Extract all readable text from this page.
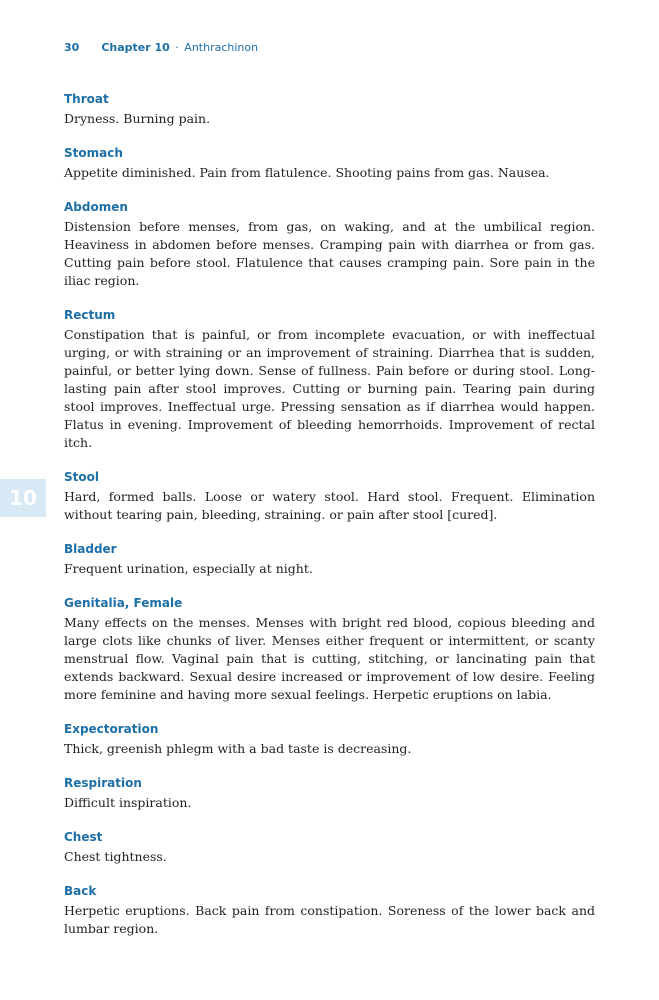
30 Chapter 10 · Anthrachinon
10
Throat

Dryness. Burning pain.

Stomach

Appetite diminished. Pain from flatulence. Shooting pains from gas. Nausea.

Abdomen

Distension before menses, from gas, on waking, and at the umbilical region. Heaviness in abdomen before menses. Cramping pain with diarrhea or from gas. Cutting pain before stool. Flatulence that causes cramping pain. Sore pain in the iliac region.

Rectum

Constipation that is painful, or from incomplete evacuation, or with ineffectual urging, or with straining or an improvement of straining. Diarrhea that is sudden, painful, or better lying down. Sense of fullness. Pain before or during stool. Long-lasting pain after stool improves. Cutting or burning pain. Tearing pain during stool improves. Ineffectual urge. Pressing sensation as if diarrhea would happen. Flatus in evening. Improvement of bleeding hemorrhoids. Improvement of rectal itch.

Stool

Hard, formed balls. Loose or watery stool. Hard stool. Frequent. Elimination without tearing pain, bleeding, straining. or pain after stool [cured].

Bladder

Frequent urination, especially at night.

Genitalia, Female

Many effects on the menses. Menses with bright red blood, copious bleeding and large clots like chunks of liver. Menses either frequent or intermittent, or scanty menstrual flow. Vaginal pain that is cutting, stitching, or lancinating pain that extends backward. Sexual desire increased or improvement of low desire. Feeling more feminine and having more sexual feelings. Herpetic eruptions on labia.

Expectoration

Thick, greenish phlegm with a bad taste is decreasing.

Respiration

Difficult inspiration.

Chest

Chest tightness.

Back

Herpetic eruptions. Back pain from constipation. Soreness of the lower back and lumbar region.
